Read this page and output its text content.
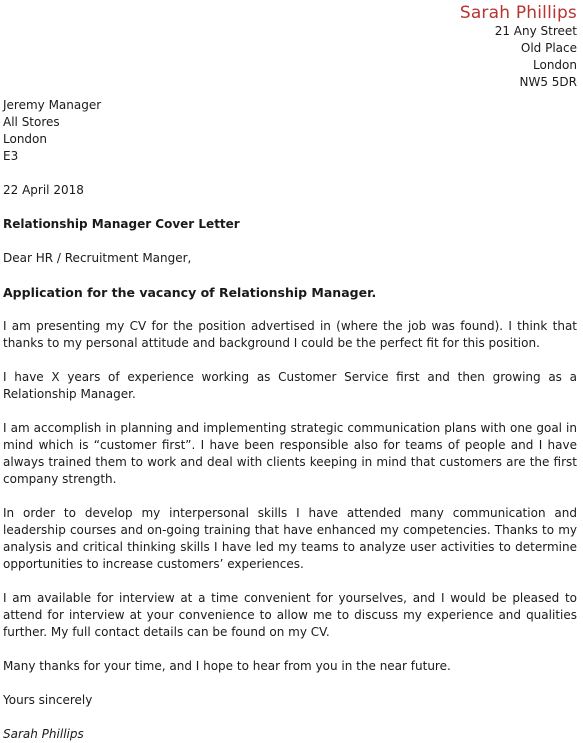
Sarah Phillips
21 Any Street
Old Place
London
NW5 5DR
Jeremy Manager
All Stores
London
E3
22 April 2018
Relationship Manager Cover Letter
Dear HR / Recruitment Manger,
Application for the vacancy of Relationship Manager.

I am presenting my CV for the position advertised in (where the job was found). I think that thanks to my personal attitude and background I could be the perfect fit for this position.

I have X years of experience working as Customer Service first and then growing as a Relationship Manager.

I am accomplish in planning and implementing strategic communication plans with one goal in mind which is “customer first”. I have been responsible also for teams of people and I have always trained them to work and deal with clients keeping in mind that customers are the first company strength.

In order to develop my interpersonal skills I have attended many communication and leadership courses and on-going training that have enhanced my competencies. Thanks to my analysis and critical thinking skills I have led my teams to analyze user activities to determine opportunities to increase customers’ experiences.

I am available for interview at a time convenient for yourselves, and I would be pleased to attend for interview at your convenience to allow me to discuss my experience and qualities further. My full contact details can be found on my CV.

Many thanks for your time, and I hope to hear from you in the near future.

Yours sincerely
Sarah Phillips
